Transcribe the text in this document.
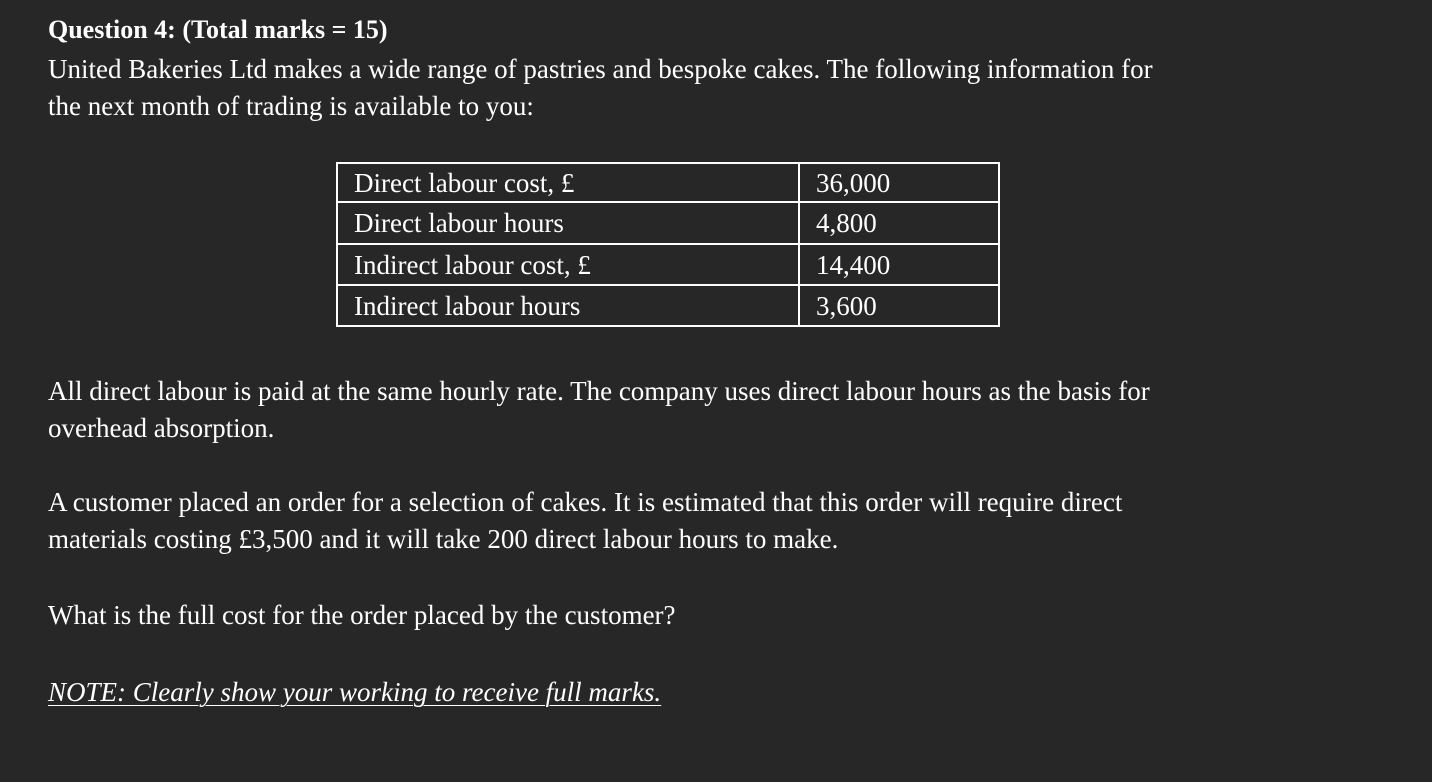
Question 4: (Total marks = 15)

United Bakeries Ltd makes a wide range of pastries and bespoke cakes. The following information for
the next month of trading is available to you:

Direct labour cost, £	36,000
Direct labour hours	4,800
Indirect labour cost, £	14,400
Indirect labour hours	3,600

All direct labour is paid at the same hourly rate. The company uses direct labour hours as the basis for
overhead absorption.

A customer placed an order for a selection of cakes. It is estimated that this order will require direct
materials costing £3,500 and it will take 200 direct labour hours to make.

What is the full cost for the order placed by the customer?

NOTE: Clearly show your working to receive full marks.
